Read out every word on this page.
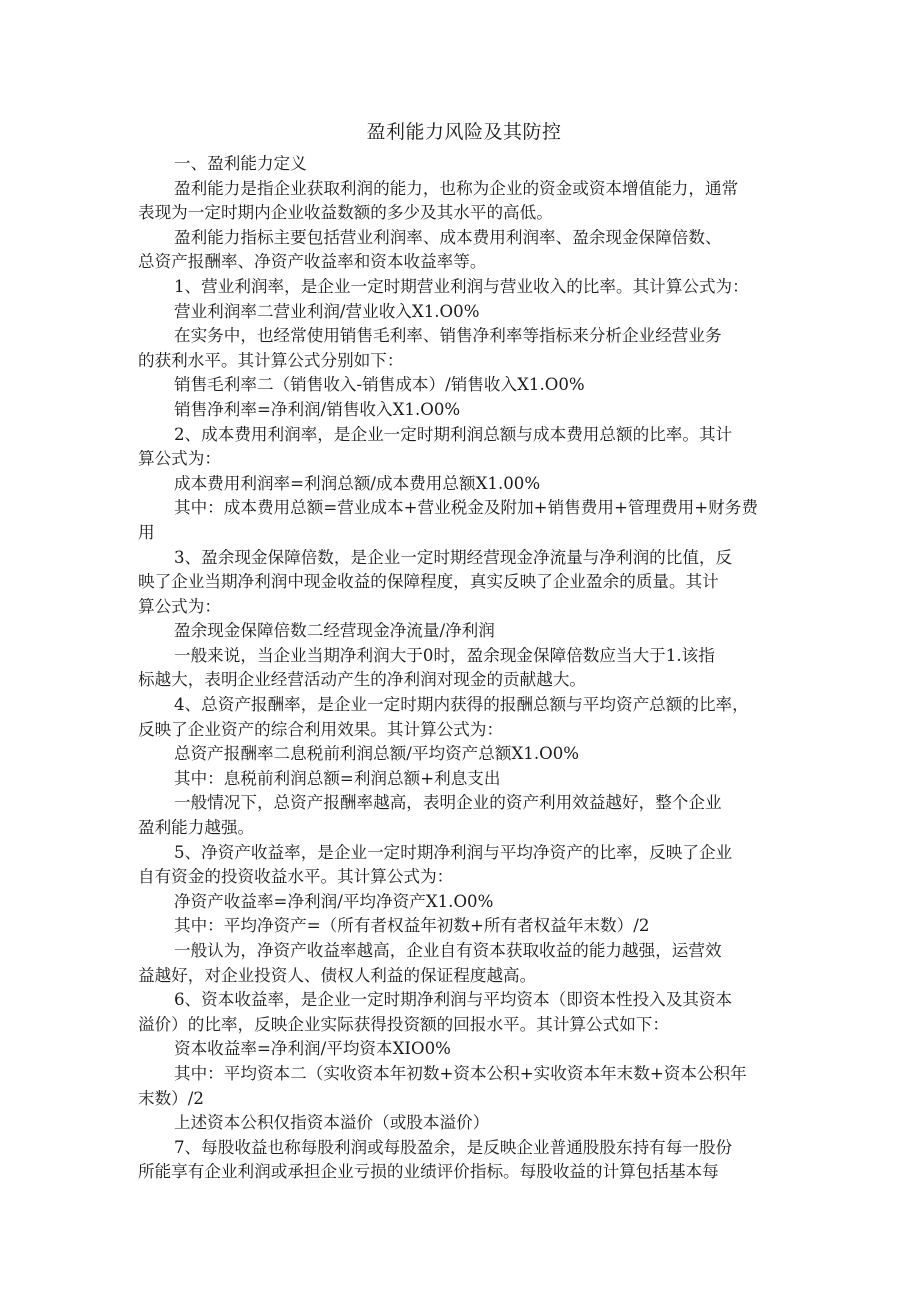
盈利能力风险及其防控

一、盈利能力定义

盈利能力是指企业获取利润的能力，也称为企业的资金或资本增值能力，通常

表现为一定时期内企业收益数额的多少及其水平的高低。

盈利能力指标主要包括营业利润率、成本费用利润率、盈余现金保障倍数、

总资产报酬率、净资产收益率和资本收益率等。

1、营业利润率，是企业一定时期营业利润与营业收入的比率。其计算公式为：

营业利润率二营业利润/营业收入X1.O0%

在实务中，也经常使用销售毛利率、销售净利率等指标来分析企业经营业务

的获利水平。其计算公式分别如下：

销售毛利率二（销售收入-销售成本）/销售收入X1.O0%

销售净利率=净利润/销售收入X1.O0%

2、成本费用利润率，是企业一定时期利润总额与成本费用总额的比率。其计

算公式为：

成本费用利润率=利润总额/成本费用总额X1.00%

其中：成本费用总额=营业成本+营业税金及附加+销售费用+管理费用+财务费

用

3、盈余现金保障倍数，是企业一定时期经营现金净流量与净利润的比值，反

映了企业当期净利润中现金收益的保障程度，真实反映了企业盈余的质量。其计

算公式为：

盈余现金保障倍数二经营现金净流量/净利润

一般来说，当企业当期净利润大于0时，盈余现金保障倍数应当大于1.该指

标越大，表明企业经营活动产生的净利润对现金的贡献越大。

4、总资产报酬率，是企业一定时期内获得的报酬总额与平均资产总额的比率，

反映了企业资产的综合利用效果。其计算公式为：

总资产报酬率二息税前利润总额/平均资产总额X1.O0%

其中：息税前利润总额=利润总额+利息支出

一般情况下，总资产报酬率越高，表明企业的资产利用效益越好，整个企业

盈利能力越强。

5、净资产收益率，是企业一定时期净利润与平均净资产的比率，反映了企业

自有资金的投资收益水平。其计算公式为：

净资产收益率=净利润/平均净资产X1.O0%

其中：平均净资产=（所有者权益年初数+所有者权益年末数）/2

一般认为，净资产收益率越高，企业自有资本获取收益的能力越强，运营效

益越好，对企业投资人、债权人利益的保证程度越高。

6、资本收益率，是企业一定时期净利润与平均资本（即资本性投入及其资本

溢价）的比率，反映企业实际获得投资额的回报水平。其计算公式如下：

资本收益率=净利润/平均资本XIO0%

其中：平均资本二（实收资本年初数+资本公积+实收资本年末数+资本公积年

末数）/2

上述资本公积仅指资本溢价（或股本溢价）

7、每股收益也称每股利润或每股盈余，是反映企业普通股股东持有每一股份

所能享有企业利润或承担企业亏损的业绩评价指标。每股收益的计算包括基本每
